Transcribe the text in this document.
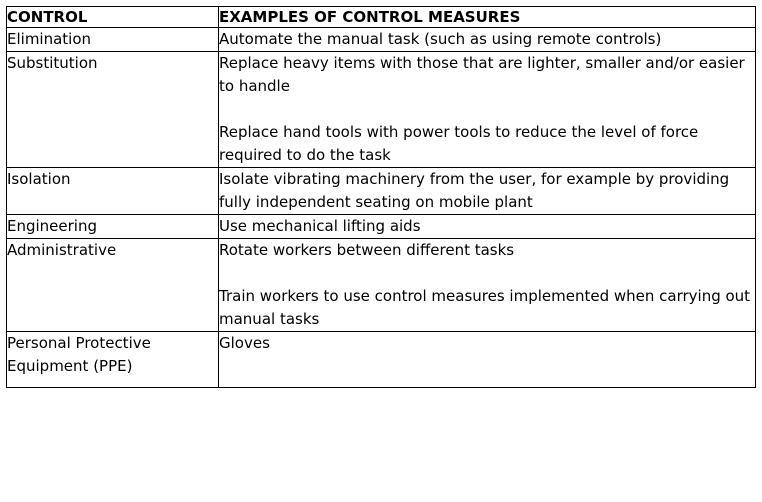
CONTROL	EXAMPLES OF CONTROL MEASURES
Elimination	Automate the manual task (such as using remote controls)

Substitution	Replace heavy items with those that are lighter, smaller and/or easier to handle
Replace hand tools with power tools to reduce the level of force required to do the task

Isolation	Isolate vibrating machinery from the user, for example by providing fully independent seating on mobile plant

Engineering	Use mechanical lifting aids

Administrative	Rotate workers between different tasks
Train workers to use control measures implemented when carrying out manual tasks

Personal Protective Equipment (PPE)	Gloves
